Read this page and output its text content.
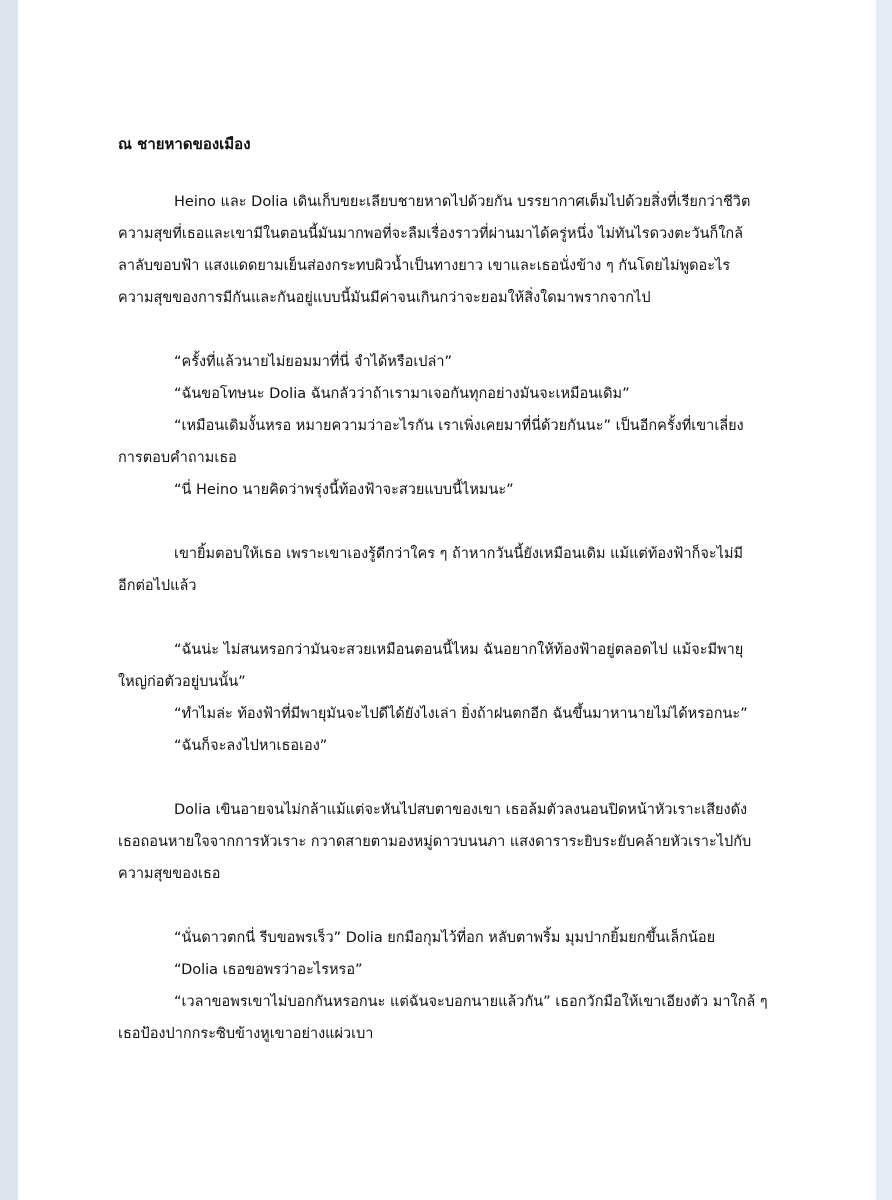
ณ ชายหาดของเมือง
Heino และ Dolia เดินเก็บขยะเลียบชายหาดไปด้วยกัน บรรยากาศเต็มไปด้วยสิ่งที่เรียกว่าชีวิต
ความสุขที่เธอและเขามีในตอนนี้มันมากพอที่จะลืมเรื่องราวที่ผ่านมาได้ครู่หนึ่ง ไม่ทันไรดวงตะวันก็ใกล้
ลาลับขอบฟ้า แสงแดดยามเย็นส่องกระทบผิวน้ำเป็นทางยาว เขาและเธอนั่งข้าง ๆ กันโดยไม่พูดอะไร
ความสุขของการมีกันและกันอยู่แบบนี้มันมีค่าจนเกินกว่าจะยอมให้สิ่งใดมาพรากจากไป
“ครั้งที่แล้วนายไม่ยอมมาที่นี่ จำได้หรือเปล่า”
“ฉันขอโทษนะ Dolia ฉันกลัวว่าถ้าเรามาเจอกันทุกอย่างมันจะเหมือนเดิม”
“เหมือนเดิมงั้นหรอ หมายความว่าอะไรกัน เราเพิ่งเคยมาที่นี่ด้วยกันนะ” เป็นอีกครั้งที่เขาเลี่ยง
การตอบคำถามเธอ
“นี่ Heino นายคิดว่าพรุ่งนี้ท้องฟ้าจะสวยแบบนี้ไหมนะ”
เขายิ้มตอบให้เธอ เพราะเขาเองรู้ดีกว่าใคร ๆ ถ้าหากวันนี้ยังเหมือนเดิม แม้แต่ท้องฟ้าก็จะไม่มี
อีกต่อไปแล้ว
“ฉันน่ะ ไม่สนหรอกว่ามันจะสวยเหมือนตอนนี้ไหม ฉันอยากให้ท้องฟ้าอยู่ตลอดไป แม้จะมีพายุ
ใหญ่ก่อตัวอยู่บนนั้น”
“ทำไมล่ะ ท้องฟ้าที่มีพายุมันจะไปดีได้ยังไงเล่า ยิ่งถ้าฝนตกอีก ฉันขึ้นมาหานายไม่ได้หรอกนะ”
“ฉันก็จะลงไปหาเธอเอง”
Dolia เขินอายจนไม่กล้าแม้แต่จะหันไปสบตาของเขา เธอล้มตัวลงนอนปิดหน้าหัวเราะเสียงดัง
เธอถอนหายใจจากการหัวเราะ กวาดสายตามองหมู่ดาวบนนภา แสงดาราระยิบระยับคล้ายหัวเราะไปกับ
ความสุขของเธอ
“นั่นดาวตกนี่ รีบขอพรเร็ว” Dolia ยกมือกุมไว้ที่อก หลับตาพริ้ม มุมปากยิ้มยกขึ้นเล็กน้อย
“Dolia เธอขอพรว่าอะไรหรอ”
“เวลาขอพรเขาไม่บอกกันหรอกนะ แต่ฉันจะบอกนายแล้วกัน” เธอกวักมือให้เขาเอียงตัว มาใกล้ ๆ
เธอป้องปากกระซิบข้างหูเขาอย่างแผ่วเบา
